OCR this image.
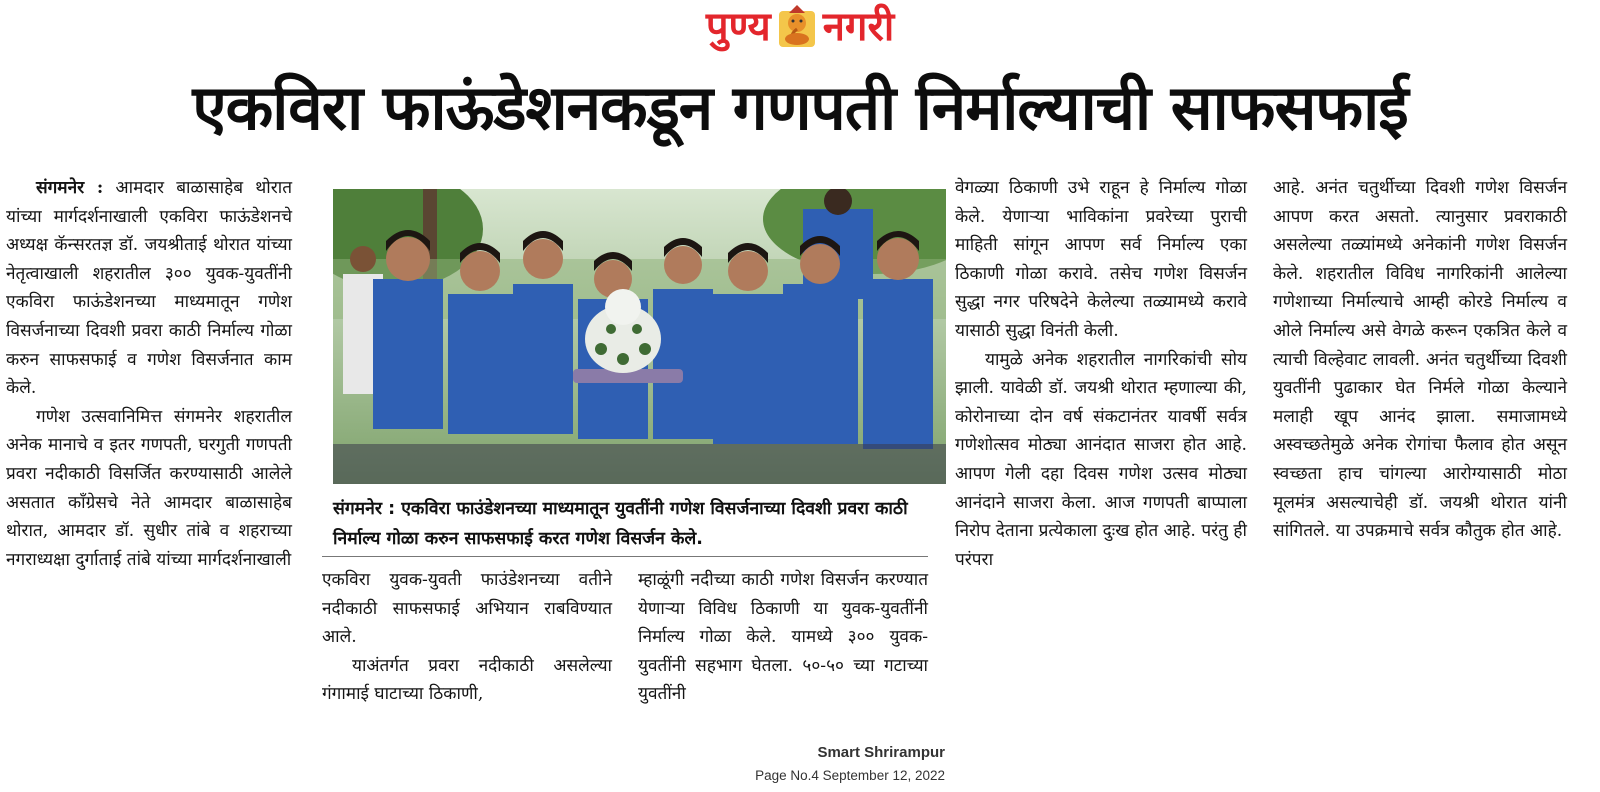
पुण्य नगरी
एकविरा फाऊंडेशनकडून गणपती निर्माल्याची साफसफाई

संगमनेर : आमदार बाळासाहेब थोरात यांच्या मार्गदर्शनाखाली एकविरा फाऊंडेशनचे अध्यक्ष कॅन्सरतज्ञ डॉ. जयश्रीताई थोरात यांच्या नेतृत्वाखाली शहरातील ३०० युवक-युवतींनी एकविरा फाऊंडेशनच्या माध्यमातून गणेश विसर्जनाच्या दिवशी प्रवरा काठी निर्माल्य गोळा करुन साफसफाई व गणेश विसर्जनात काम केले.

गणेश उत्सवानिमित्त संगमनेर शहरातील अनेक मानाचे व इतर गणपती, घरगुती गणपती प्रवरा नदीकाठी विसर्जित करण्यासाठी आलेले असतात काँग्रेसचे नेते आमदार बाळासाहेब थोरात, आमदार डॉ. सुधीर तांबे व शहराच्या नगराध्यक्षा दुर्गाताई तांबे यांच्या मार्गदर्शनाखाली

संगमनेर : एकविरा फाउंडेशनच्या माध्यमातून युवतींनी गणेश विसर्जनाच्या दिवशी प्रवरा काठी निर्माल्य गोळा करुन साफसफाई करत गणेश विसर्जन केले.

एकविरा युवक-युवती फाउंडेशनच्या वतीने नदीकाठी साफसफाई अभियान राबविण्यात आले.

याअंतर्गत प्रवरा नदीकाठी असलेल्या गंगामाई घाटाच्या ठिकाणी,

म्हाळूंगी नदीच्या काठी गणेश विसर्जन करण्यात येणाऱ्या विविध ठिकाणी या युवक-युवतींनी निर्माल्य गोळा केले. यामध्ये ३०० युवक-युवतींनी सहभाग घेतला. ५०-५० च्या गटाच्या युवतींनी

वेगळ्या ठिकाणी उभे राहून हे निर्माल्य गोळा केले. येणाऱ्या भाविकांना प्रवरेच्या पुराची माहिती सांगून आपण सर्व निर्माल्य एका ठिकाणी गोळा करावे. तसेच गणेश विसर्जन सुद्धा नगर परिषदेने केलेल्या तळ्यामध्ये करावे यासाठी सुद्धा विनंती केली.

यामुळे अनेक शहरातील नागरिकांची सोय झाली. यावेळी डॉ. जयश्री थोरात म्हणाल्या की, कोरोनाच्या दोन वर्ष संकटानंतर यावर्षी सर्वत्र गणेशोत्सव मोठ्या आनंदात साजरा होत आहे. आपण गेली दहा दिवस गणेश उत्सव मोठ्या आनंदाने साजरा केला. आज गणपती बाप्पाला निरोप देताना प्रत्येकाला दुःख होत आहे. परंतु ही परंपरा

आहे. अनंत चतुर्थीच्या दिवशी गणेश विसर्जन आपण करत असतो. त्यानुसार प्रवराकाठी असलेल्या तळ्यांमध्ये अनेकांनी गणेश विसर्जन केले. शहरातील विविध नागरिकांनी आलेल्या गणेशाच्या निर्माल्याचे आम्ही कोरडे निर्माल्य व ओले निर्माल्य असे वेगळे करून एकत्रित केले व त्याची विल्हेवाट लावली. अनंत चतुर्थीच्या दिवशी युवतींनी पुढाकार घेत निर्मले गोळा केल्याने मलाही खूप आनंद झाला. समाजामध्ये अस्वच्छतेमुळे अनेक रोगांचा फैलाव होत असून स्वच्छता हाच चांगल्या आरोग्यासाठी मोठा मूलमंत्र असल्याचेही डॉ. जयश्री थोरात यांनी सांगितले. या उपक्रमाचे सर्वत्र कौतुक होत आहे.

Smart Shrirampur
Page No.4 September 12, 2022
